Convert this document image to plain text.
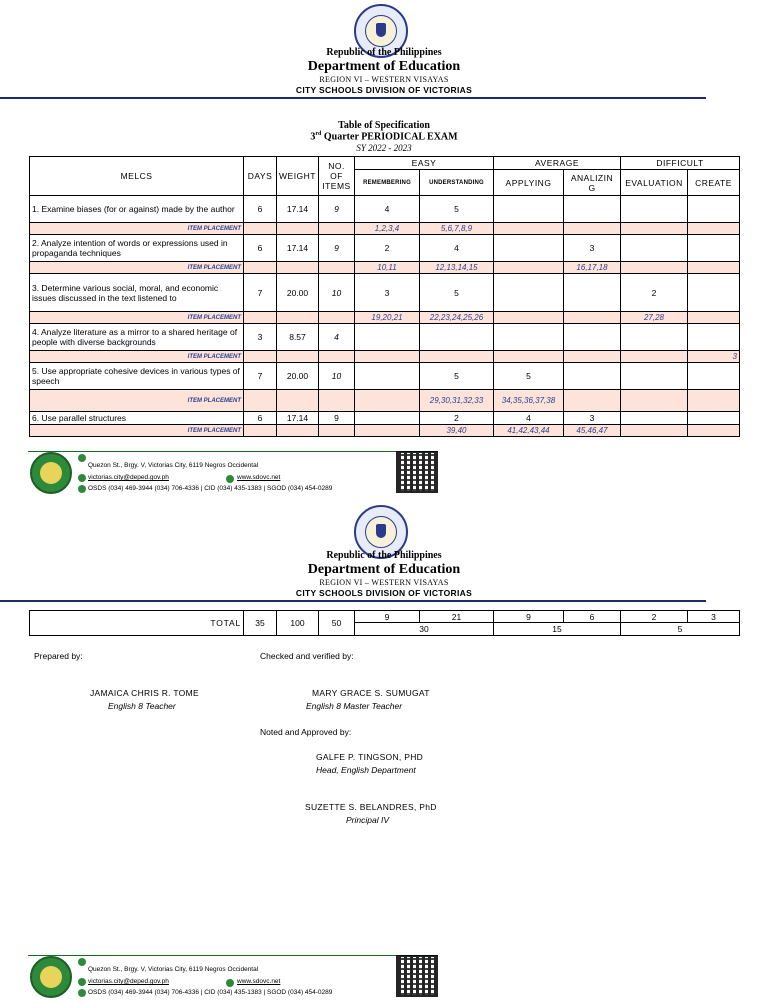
Republic of the Philippines
Department of Education
REGION VI – WESTERN VISAYAS
CITY SCHOOLS DIVISION OF VICTORIAS
Table of Specification
3rd Quarter PERIODICAL EXAM
SY 2022 - 2023
MELCS	DAYS	WEIGHT	NO. OF ITEMS	EASY		AVERAGE		DIFFICULT	
				REMEMBERING	UNDERSTANDING	APPLYING	ANALIZIN G	EVALUATION	CREATE
1. Examine biases (for or against) made by the author	6	17.14	9	4	5				
ITEM PLACEMENT				1,2,3,4	5,6,7,8,9				
2. Analyze intention of words or expressions used in propaganda techniques	6	17.14	9	2	4		3		
ITEM PLACEMENT				10,11	12,13,14,15		16,17,18		
3. Determine various social, moral, and economic issues discussed in the text listened to	7	20.00	10	3	5			2	
ITEM PLACEMENT				19,20,21	22,23,24,25,26			27,28	
4. Analyze literature as a mirror to a shared heritage of people with diverse backgrounds	3	8.57	4						
ITEM PLACEMENT									3
5. Use appropriate cohesive devices in various types of speech	7	20.00	10		5	5			
ITEM PLACEMENT					29,30,31,32,33	34,35,36,37,38			
6. Use parallel structures	6	17.14	9		2	4	3		
ITEM PLACEMENT					39,40	41,42,43,44	45,46,47		
Quezon St., Brgy. V, Victorias City, 6119 Negros Occidental
victorias.city@deped.gov.ph	www.sdovc.net
OSDS (034) 469-3944 (034) 706-4336 | CID (034) 435-1383 | SGOD (034) 454-0289
Republic of the Philippines
Department of Education
REGION VI – WESTERN VISAYAS
CITY SCHOOLS DIVISION OF VICTORIAS
TOTAL	35	100	50	9	21	9	6	2	3
				30		15		5	
Prepared by:	Checked and verified by:
JAMAICA CHRIS R. TOME
English 8 Teacher
MARY GRACE S. SUMUGAT
English 8 Master Teacher
Noted and Approved by:
GALFE P. TINGSON, PHD
Head, English Department
SUZETTE S. BELANDRES, PhD
Principal IV
Quezon St., Brgy. V, Victorias City, 6119 Negros Occidental
victorias.city@deped.gov.ph	www.sdovc.net
OSDS (034) 469-3944 (034) 706-4336 | CID (034) 435-1383 | SGOD (034) 454-0289
